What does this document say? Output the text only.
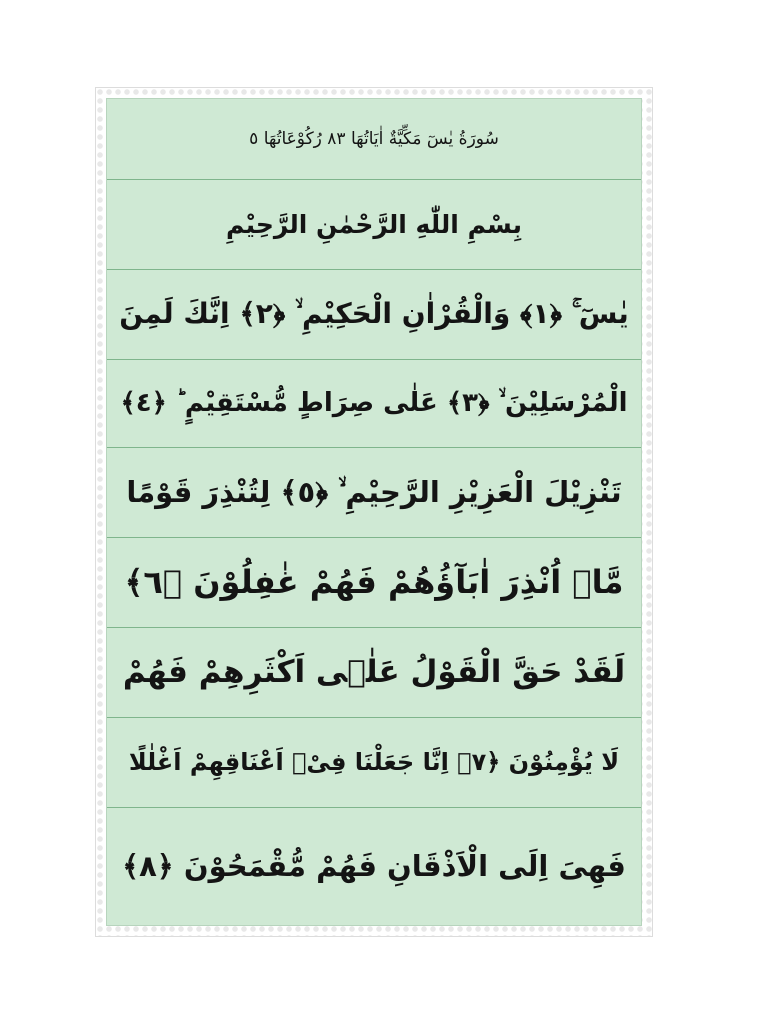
سُورَةُ يٰسٓ مَكِّيَّةٌ اٰيَاتُهَا ٨٣ رُكُوْعَاتُهَا ٥
بِسْمِ اللّٰهِ الرَّحْمٰنِ الرَّحِيْمِ
يٰسٓ ۚ ﴿١﴾ وَالْقُرْاٰنِ الْحَكِيْمِ ۙ ﴿٢﴾ اِنَّكَ لَمِنَ
الْمُرْسَلِيْنَ ۙ ﴿٣﴾ عَلٰى صِرَاطٍ مُّسْتَقِيْمٍ ؕ ﴿٤﴾
تَنْزِيْلَ الْعَزِيْزِ الرَّحِيْمِ ۙ ﴿٥﴾ لِتُنْذِرَ قَوْمًا
مَّاۤ اُنْذِرَ اٰبَآؤُهُمْ فَهُمْ غٰفِلُوْنَ ﴿٦﴾
لَقَدْ حَقَّ الْقَوْلُ عَلٰۤى اَكْثَرِهِمْ فَهُمْ
لَا يُؤْمِنُوْنَ ﴿٧﴾ اِنَّا جَعَلْنَا فِىْۤ اَعْنَاقِهِمْ اَغْلٰلًا
فَهِىَ اِلَى الْاَذْقَانِ فَهُمْ مُّقْمَحُوْنَ ﴿٨﴾
